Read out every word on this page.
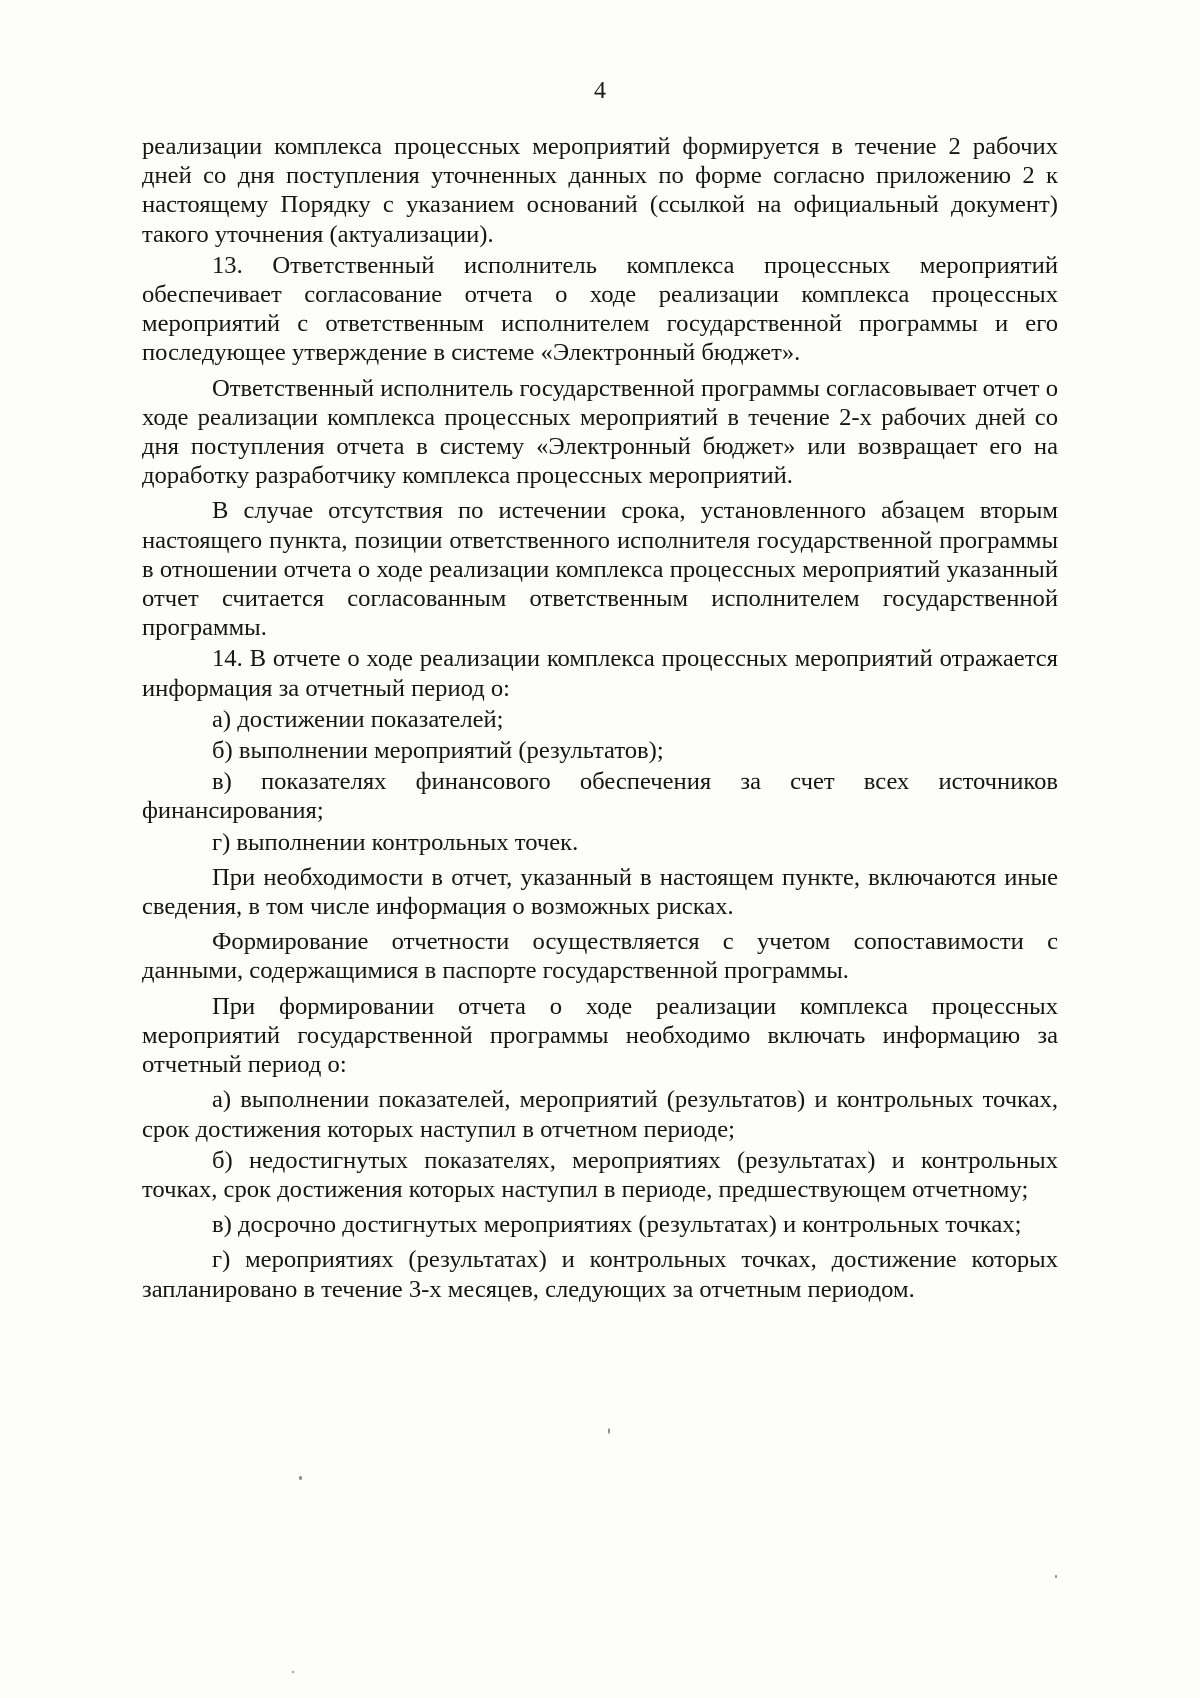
4

реализации комплекса процессных мероприятий формируется в течение 2 рабочих дней со дня поступления уточненных данных по форме согласно приложению 2 к настоящему Порядку с указанием оснований (ссылкой на официальный документ) такого уточнения (актуализации).

13. Ответственный исполнитель комплекса процессных мероприятий обеспечивает согласование отчета о ходе реализации комплекса процессных мероприятий с ответственным исполнителем государственной программы и его последующее утверждение в системе «Электронный бюджет».

Ответственный исполнитель государственной программы согласовывает отчет о ходе реализации комплекса процессных мероприятий в течение 2-х рабочих дней со дня поступления отчета в систему «Электронный бюджет» или возвращает его на доработку разработчику комплекса процессных мероприятий.

В случае отсутствия по истечении срока, установленного абзацем вторым настоящего пункта, позиции ответственного исполнителя государственной программы в отношении отчета о ходе реализации комплекса процессных мероприятий указанный отчет считается согласованным ответственным исполнителем государственной программы.

14. В отчете о ходе реализации комплекса процессных мероприятий отражается информация за отчетный период о:

а) достижении показателей;

б) выполнении мероприятий (результатов);

в) показателях финансового обеспечения за счет всех источников финансирования;

г) выполнении контрольных точек.

При необходимости в отчет, указанный в настоящем пункте, включаются иные сведения, в том числе информация о возможных рисках.

Формирование отчетности осуществляется с учетом сопоставимости с данными, содержащимися в паспорте государственной программы.

При формировании отчета о ходе реализации комплекса процессных мероприятий государственной программы необходимо включать информацию за отчетный период о:

а) выполнении показателей, мероприятий (результатов) и контрольных точках, срок достижения которых наступил в отчетном периоде;

б) недостигнутых показателях, мероприятиях (результатах) и контрольных точках, срок достижения которых наступил в периоде, предшествующем отчетному;

в) досрочно достигнутых мероприятиях (результатах) и контрольных точках;

г) мероприятиях (результатах) и контрольных точках, достижение которых запланировано в течение 3-х месяцев, следующих за отчетным периодом.
